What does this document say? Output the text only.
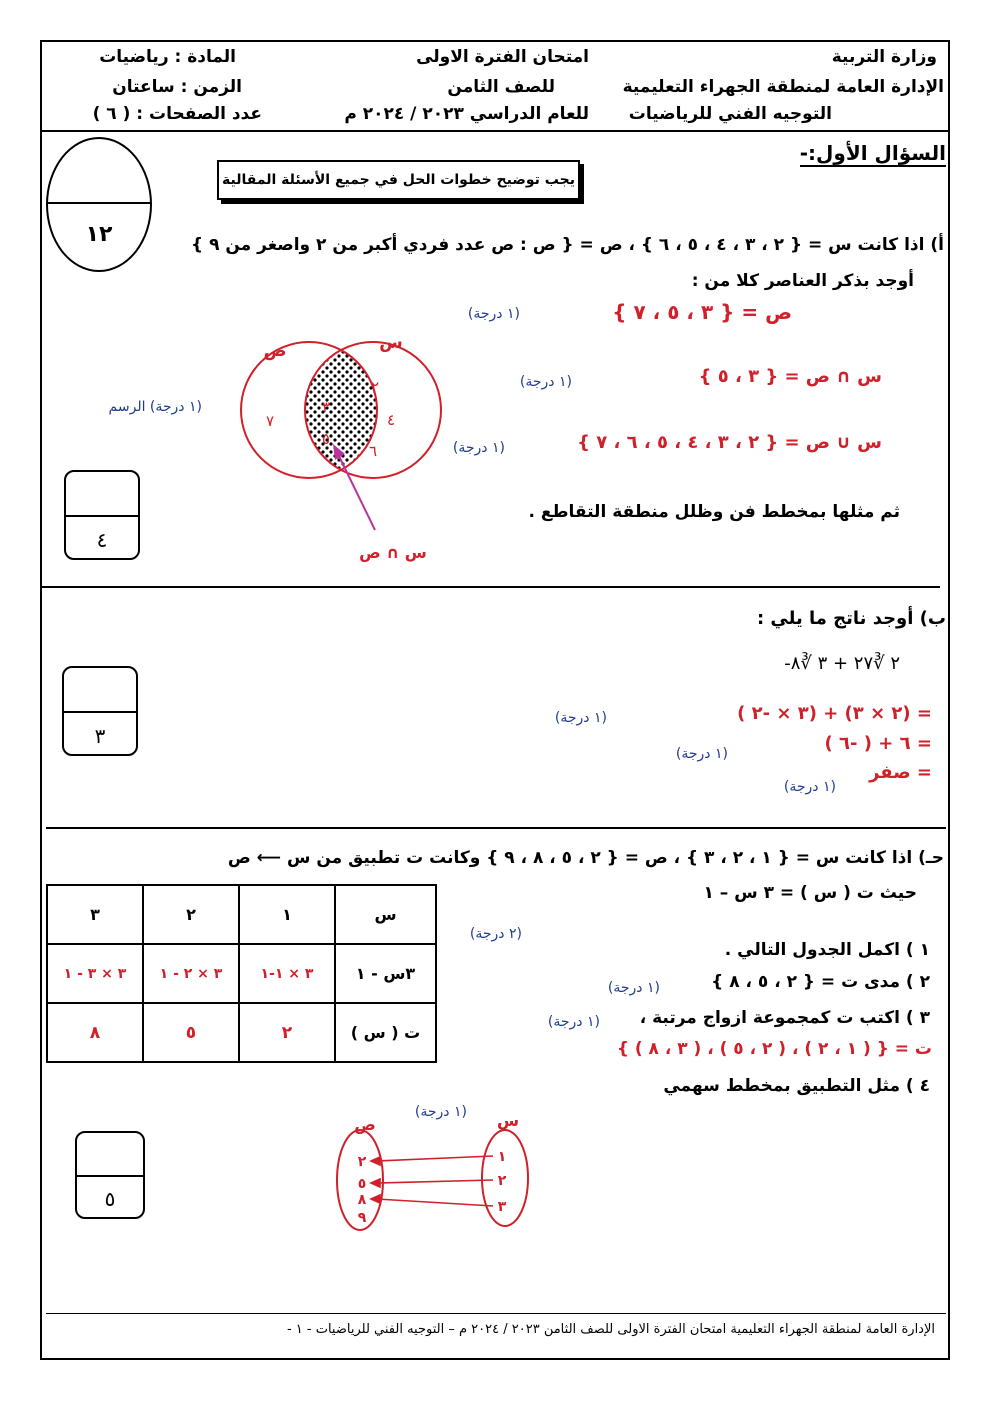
وزارة التربية
الإدارة العامة لمنطقة الجهراء التعليمية
التوجيه الفني للرياضيات
امتحان الفترة الاولى
للصف الثامن
للعام الدراسي ٢٠٢٣ / ٢٠٢٤ م
المادة : رياضيات
الزمن : ساعتان
عدد الصفحات : ( ٦ )
١٢
السؤال الأول:-
يجب توضيح خطوات الحل في جميع الأسئلة المقالية
أ) اذا كانت س = { ٢ ، ٣ ، ٤ ، ٥ ، ٦ } ، ص = { ص : ص عدد فردي أكبر من ٢ واصغر من ٩ }
أوجد بذكر العناصر كلا من :
ص = { ٣ ، ٥ ، ٧ }
(١ درجة)
س ∩ ص = { ٣ ، ٥ }
(١ درجة)
س ∪ ص = { ٢ ، ٣ ، ٤ ، ٥ ، ٦ ، ٧ }
(١ درجة)
(١ درجة) الرسم
ص	س
٧
٣
٥
٢
٤
٦
س ∩ ص
ثم مثلها بمخطط فن وظلل منطقة التقاطع .
٤
ب) أوجد ناتج ما يلي :
٢ ∛٢٧ + ٣ ∛٨-
= (٢ × ٣) + (٣ × -٢ )
= ٦ + ( -٦ )
= صفر
(١ درجة)
(١ درجة)
(١ درجة)
٣
حـ) اذا كانت س = { ١ ، ٢ ، ٣ } ، ص = { ٢ ، ٥ ، ٨ ، ٩ } وكانت ت تطبيق من س ⟵ ص
حيث ت ( س ) = ٣ س – ١
(٢ درجة)
١ ) اكمل الجدول التالي .
٢ ) مدى ت = { ٢ ، ٥ ، ٨ }
(١ درجة)
٣ ) اكتب ت كمجموعة ازواج مرتبة ،
(١ درجة)
ت = { ( ١ ، ٢ ) ، ( ٢ ، ٥ ) ، ( ٣ ، ٨ ) }
٤ ) مثل التطبيق بمخطط سهمي
(١ درجة)
س	١	٢	٣
٣س - ١	٣ × ١-١	٣ × ٢ - ١	٣ × ٣ - ١
ت ( س )	٢	٥	٨
ص	س
١
٢
٣
٢
٥
٨
٩
٥
الإدارة العامة لمنطقة الجهراء التعليمية امتحان الفترة الاولى للصف الثامن ٢٠٢٣ / ٢٠٢٤ م – التوجيه الفني للرياضيات - ١ -
